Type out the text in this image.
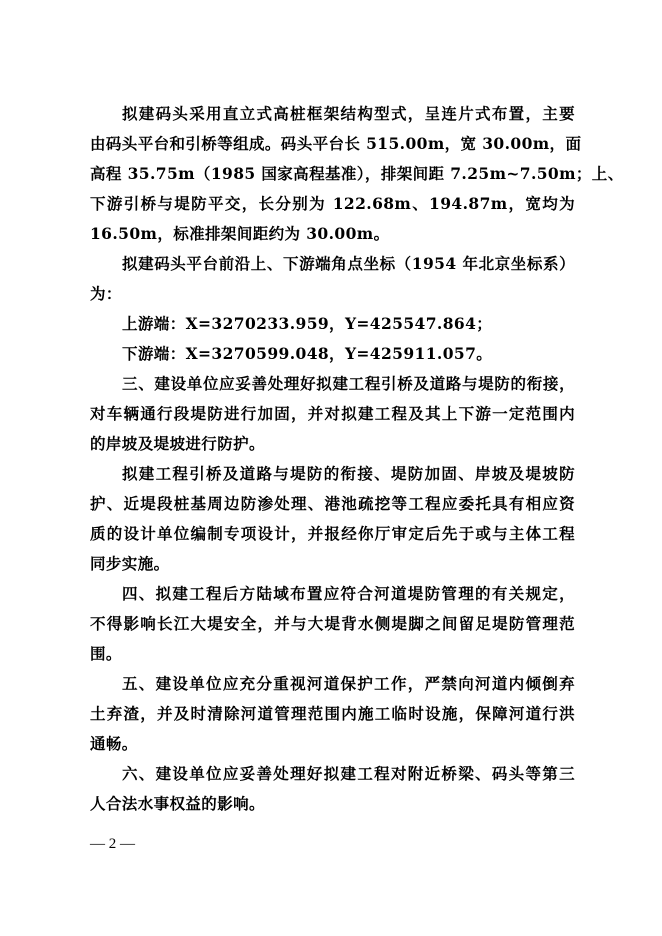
拟建码头采用直立式高桩框架结构型式，呈连片式布置，主要
由码头平台和引桥等组成。码头平台长 515.00m，宽 30.00m，面
高程 35.75m（1985 国家高程基准），排架间距 7.25m~7.50m；上、
下游引桥与堤防平交，长分别为 122.68m、194.87m，宽均为
16.50m，标准排架间距约为 30.00m。
拟建码头平台前沿上、下游端角点坐标（1954 年北京坐标系）
为：
上游端：X=3270233.959，Y=425547.864；
下游端：X=3270599.048，Y=425911.057。
三、建设单位应妥善处理好拟建工程引桥及道路与堤防的衔接，
对车辆通行段堤防进行加固，并对拟建工程及其上下游一定范围内
的岸坡及堤坡进行防护。
拟建工程引桥及道路与堤防的衔接、堤防加固、岸坡及堤坡防
护、近堤段桩基周边防渗处理、港池疏挖等工程应委托具有相应资
质的设计单位编制专项设计，并报经你厅审定后先于或与主体工程
同步实施。
四、拟建工程后方陆域布置应符合河道堤防管理的有关规定，
不得影响长江大堤安全，并与大堤背水侧堤脚之间留足堤防管理范
围。
五、建设单位应充分重视河道保护工作，严禁向河道内倾倒弃
土弃渣，并及时清除河道管理范围内施工临时设施，保障河道行洪
通畅。
六、建设单位应妥善处理好拟建工程对附近桥梁、码头等第三
人合法水事权益的影响。
— 2 —
